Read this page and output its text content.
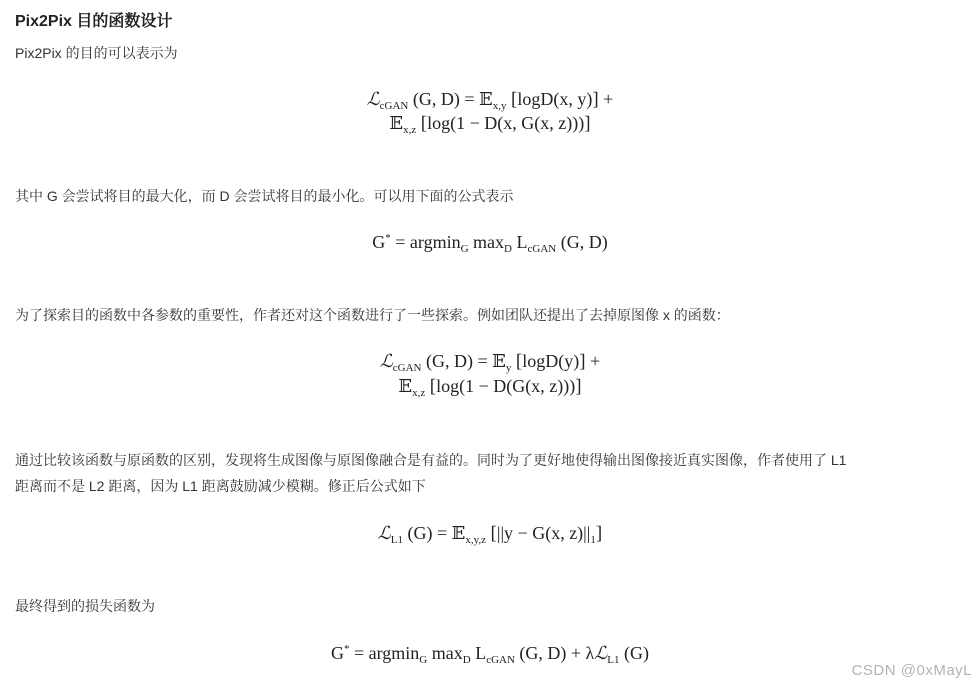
Pix2Pix 目的函数设计
Pix2Pix 的目的可以表示为
ℒ$_{cGAN}$ (G, D) = 𝔼$_{x,y}$ [logD(x, y)] +
𝔼$_{x,z}$ [log(1 − D(x, G(x, z)))]
其中 G 会尝试将目的最大化，而 D 会尝试将目的最小化。可以用下面的公式表示
G* = argmin$_G$ $\max_D L_{cGAN}$ (G, D)
为了探索目的函数中各参数的重要性，作者还对这个函数进行了一些探索。例如团队还提出了去掉原图像 x 的函数：
ℒ$_{cGAN}$ (G, D) = 𝔼$_y$ [logD(y)] +
𝔼$_{x,z}$ [log(1 − D(G(x, z)))]
通过比较该函数与原函数的区别，发现将生成图像与原图像融合是有益的。同时为了更好地使得输出图像接近真实图像，作者使用了 L1
距离而不是 L2 距离，因为 L1 距离鼓励减少模糊。修正后公式如下
ℒ$_{L1}$ (G) = 𝔼$_{x,y,z}$ [||y − G(x, $z)||_1$]
最终得到的损失函数为
G* = argmin$_G$ $\max_D L_{cGAN}$ (G, D) + λℒ$_{L1}$ (G)
CSDN @0xMayL
